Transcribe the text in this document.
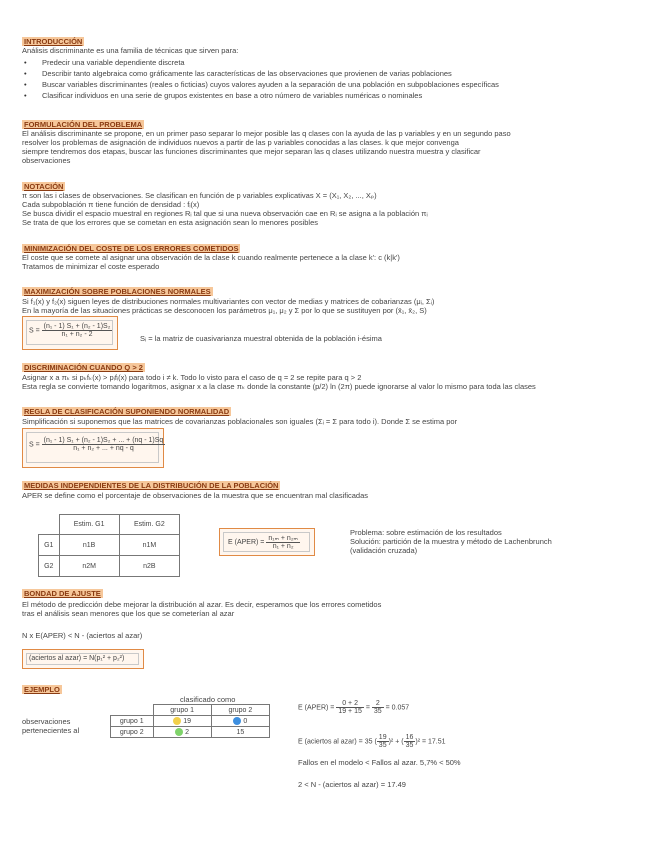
INTRODUCCIÓN
Análisis discriminante es una familia de técnicas que sirven para:
• Predecir una variable dependiente discreta
• Describir tanto algebraica como gráficamente las características de las observaciones que provienen de varias poblaciones
• Buscar variables discriminantes (reales o ficticias) cuyos valores ayuden a la separación de una población en subpoblaciones específicas
• Clasificar individuos en una serie de grupos existentes en base a otro número de variables numéricas o nominales
FORMULACIÓN DEL PROBLEMA
El análisis discriminante se propone, en un primer paso separar lo mejor posible las q clases con la ayuda de las p variables y en un segundo paso
resolver los problemas de asignación de individuos nuevos a partir de las p variables conocidas a las clases. k que mejor convenga
siempre tendremos dos etapas, buscar las funciones discriminantes que mejor separan las q clases utilizando nuestra muestra y clasificar
observaciones
NOTACIÓN
π son las i clases de observaciones. Se clasifican en función de p variables explicativas X = (X₁, X₂, ..., Xₚ)
Cada subpoblación π tiene función de densidad : fᵢ(x)
Se busca dividir el espacio muestral en regiones Rᵢ tal que si una nueva observación cae en Rᵢ se asigna a la población πᵢ
Se trata de que los errores que se cometan en esta asignación sean lo menores posibles
MINIMIZACIÓN DEL COSTE DE LOS ERRORES COMETIDOS
El coste que se comete al asignar una observación de la clase k cuando realmente pertenece a la clase k': c (k|k')
Tratamos de minimizar el coste esperado
MAXIMIZACIÓN SOBRE POBLACIONES NORMALES
Si f₁(x) y f₂(x) siguen leyes de distribuciones normales multivariantes con vector de medias y matrices de cobarianzas (μᵢ, Σᵢ)
En la mayoría de las situaciones prácticas se desconocen los parámetros μ₁, μ₂ y Σ por lo que se sustituyen por (x̄₁, x̄₂, S)
$S = \frac{\text{(n₁ - 1) S₁ + (n₂ - 1)S₂}}{\text{n₁ + n₂ - 2}}$
Sᵢ = la matriz de cuasivarianza muestral obtenida de la población i-ésima
DISCRIMINACIÓN CUANDO Q > 2
Asignar x a πₖ si pₖfₖ(x) > pᵢfᵢ(x) para todo i ≠ k. Todo lo visto para el caso de q = 2 se repite para q > 2
Esta regla se convierte tomando logaritmos, asignar x a la clase πₖ donde la constante (p/2) ln (2π) puede ignorarse al valor lo mismo para toda las clases
REGLA DE CLASIFICACIÓN SUPONIENDO NORMALIDAD
Simplificación si suponemos que las matrices de covarianzas poblacionales son iguales (Σᵢ = Σ para todo i). Donde Σ se estima por
$S = \frac{\text{(n₁ - 1) S₁ + (n₂ - 1)S₂ + ... + (nq - 1)Sq}}{\text{n₁ + n₂ + ... + nq - q}}$
MEDIDAS INDEPENDIENTES DE LA DISTRIBUCIÓN DE LA POBLACIÓN
APER se define como el porcentaje de observaciones de la muestra que se encuentran mal clasificadas
	Estim. G1	Estim. G2
G1	n1B	n1M
G2	n2M	n2B
E (APER) = $\frac{\text{n₁ₘ + n₂ₘ}}{\text{n₁ + n₂}}$
Problema: sobre estimación de los resultados
Solución: partición de la muestra y método de Lachenbrunch
(validación cruzada)
BONDAD DE AJUSTE
El método de predicción debe mejorar la distribución al azar. Es decir, esperamos que los errores cometidos
tras el análisis sean menores que los que se cometerían al azar
N x E(APER) < N - (aciertos al azar)
(aciertos al azar) = N(p₁² + p₂²)
EJEMPLO
clasificado como
observaciones
pertenecientes al
	grupo 1	grupo 2
grupo 1	19	0
grupo 2	2	15
E (APER) = $\frac{0 + 2}{19 + 15} = \frac{2}{35} = 0.057$
E (aciertos al azar) = 35 ( $\frac{19}{35} )^2$ + ( $\frac{16}{35} )^2 = 17.51$
Fallos en el modelo < Fallos al azar. 5,7% < 50%
2 < N - (aciertos al azar) = 17.49
